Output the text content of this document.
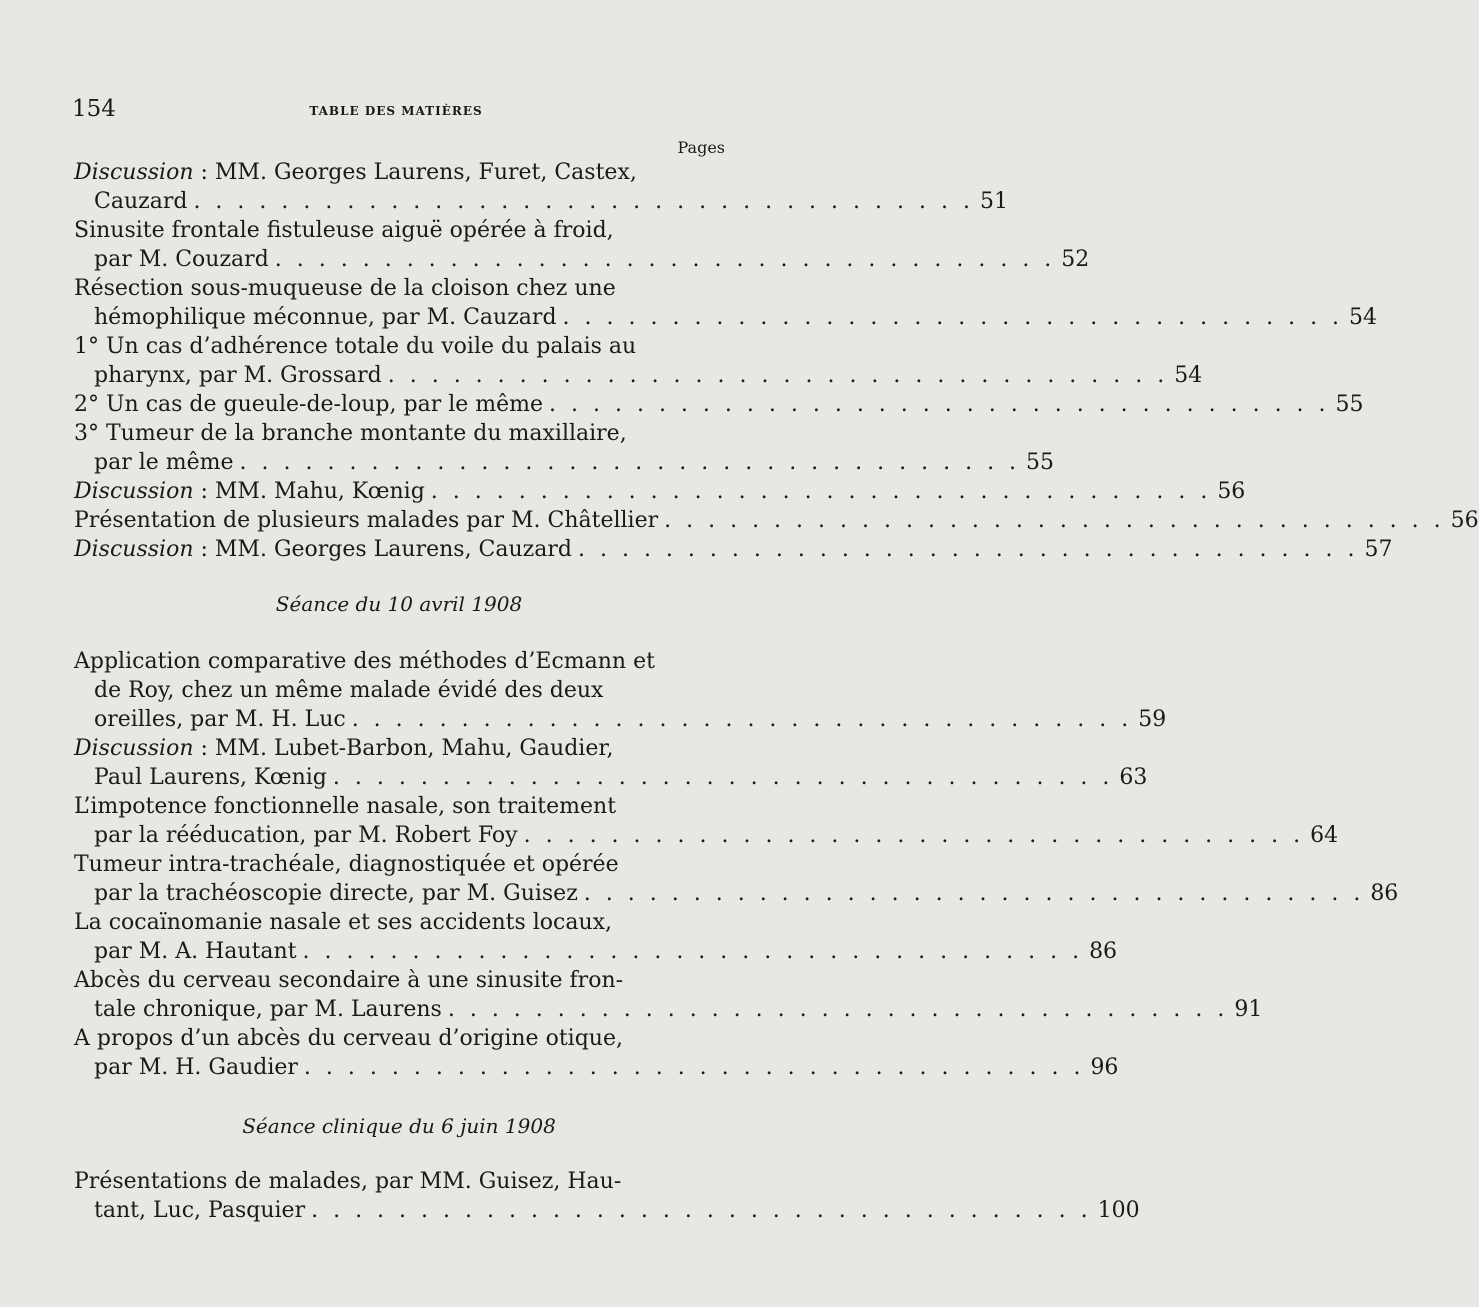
154	TABLE DES MATIÈRES
Pages
Discussion : MM. Georges Laurens, Furet, Castex,
Cauzard . . . . . . . . . . . . . . . . . . . . . . . . . . . . . . . . . . . . 51
Sinusite frontale fistuleuse aiguë opérée à froid,
par M. Couzard . . . . . . . . . . . . . . . . . . . . . . . . . . . . . . . . . . . . 52
Résection sous-muqueuse de la cloison chez une
hémophilique méconnue, par M. Cauzard . . . . . . . . . . . . . . . . . . . . . . . . . . . . . . . . . . . . 54
1° Un cas d’adhérence totale du voile du palais au
pharynx, par M. Grossard . . . . . . . . . . . . . . . . . . . . . . . . . . . . . . . . . . . . 54
2° Un cas de gueule-de-loup, par le même . . . . . . . . . . . . . . . . . . . . . . . . . . . . . . . . . . . . 55
3° Tumeur de la branche montante du maxillaire,
par le même . . . . . . . . . . . . . . . . . . . . . . . . . . . . . . . . . . . . 55
Discussion : MM. Mahu, Kœnig . . . . . . . . . . . . . . . . . . . . . . . . . . . . . . . . . . . . 56
Présentation de plusieurs malades par M. Châtellier . . . . . . . . . . . . . . . . . . . . . . . . . . . . . . . . . . . . 56
Discussion : MM. Georges Laurens, Cauzard . . . . . . . . . . . . . . . . . . . . . . . . . . . . . . . . . . . . 57
Séance du 10 avril 1908
Application comparative des méthodes d’Ecmann et
de Roy, chez un même malade évidé des deux
oreilles, par M. H. Luc . . . . . . . . . . . . . . . . . . . . . . . . . . . . . . . . . . . . 59
Discussion : MM. Lubet-Barbon, Mahu, Gaudier,
Paul Laurens, Kœnig . . . . . . . . . . . . . . . . . . . . . . . . . . . . . . . . . . . . 63
L’impotence fonctionnelle nasale, son traitement
par la rééducation, par M. Robert Foy . . . . . . . . . . . . . . . . . . . . . . . . . . . . . . . . . . . . 64
Tumeur intra-trachéale, diagnostiquée et opérée
par la trachéoscopie directe, par M. Guisez . . . . . . . . . . . . . . . . . . . . . . . . . . . . . . . . . . . . 86
La cocaïnomanie nasale et ses accidents locaux,
par M. A. Hautant . . . . . . . . . . . . . . . . . . . . . . . . . . . . . . . . . . . . 86
Abcès du cerveau secondaire à une sinusite fron-
tale chronique, par M. Laurens . . . . . . . . . . . . . . . . . . . . . . . . . . . . . . . . . . . . 91
A propos d’un abcès du cerveau d’origine otique,
par M. H. Gaudier . . . . . . . . . . . . . . . . . . . . . . . . . . . . . . . . . . . . 96
Séance clinique du 6 juin 1908
Présentations de malades, par MM. Guisez, Hau-
tant, Luc, Pasquier . . . . . . . . . . . . . . . . . . . . . . . . . . . . . . . . . . . . 100
